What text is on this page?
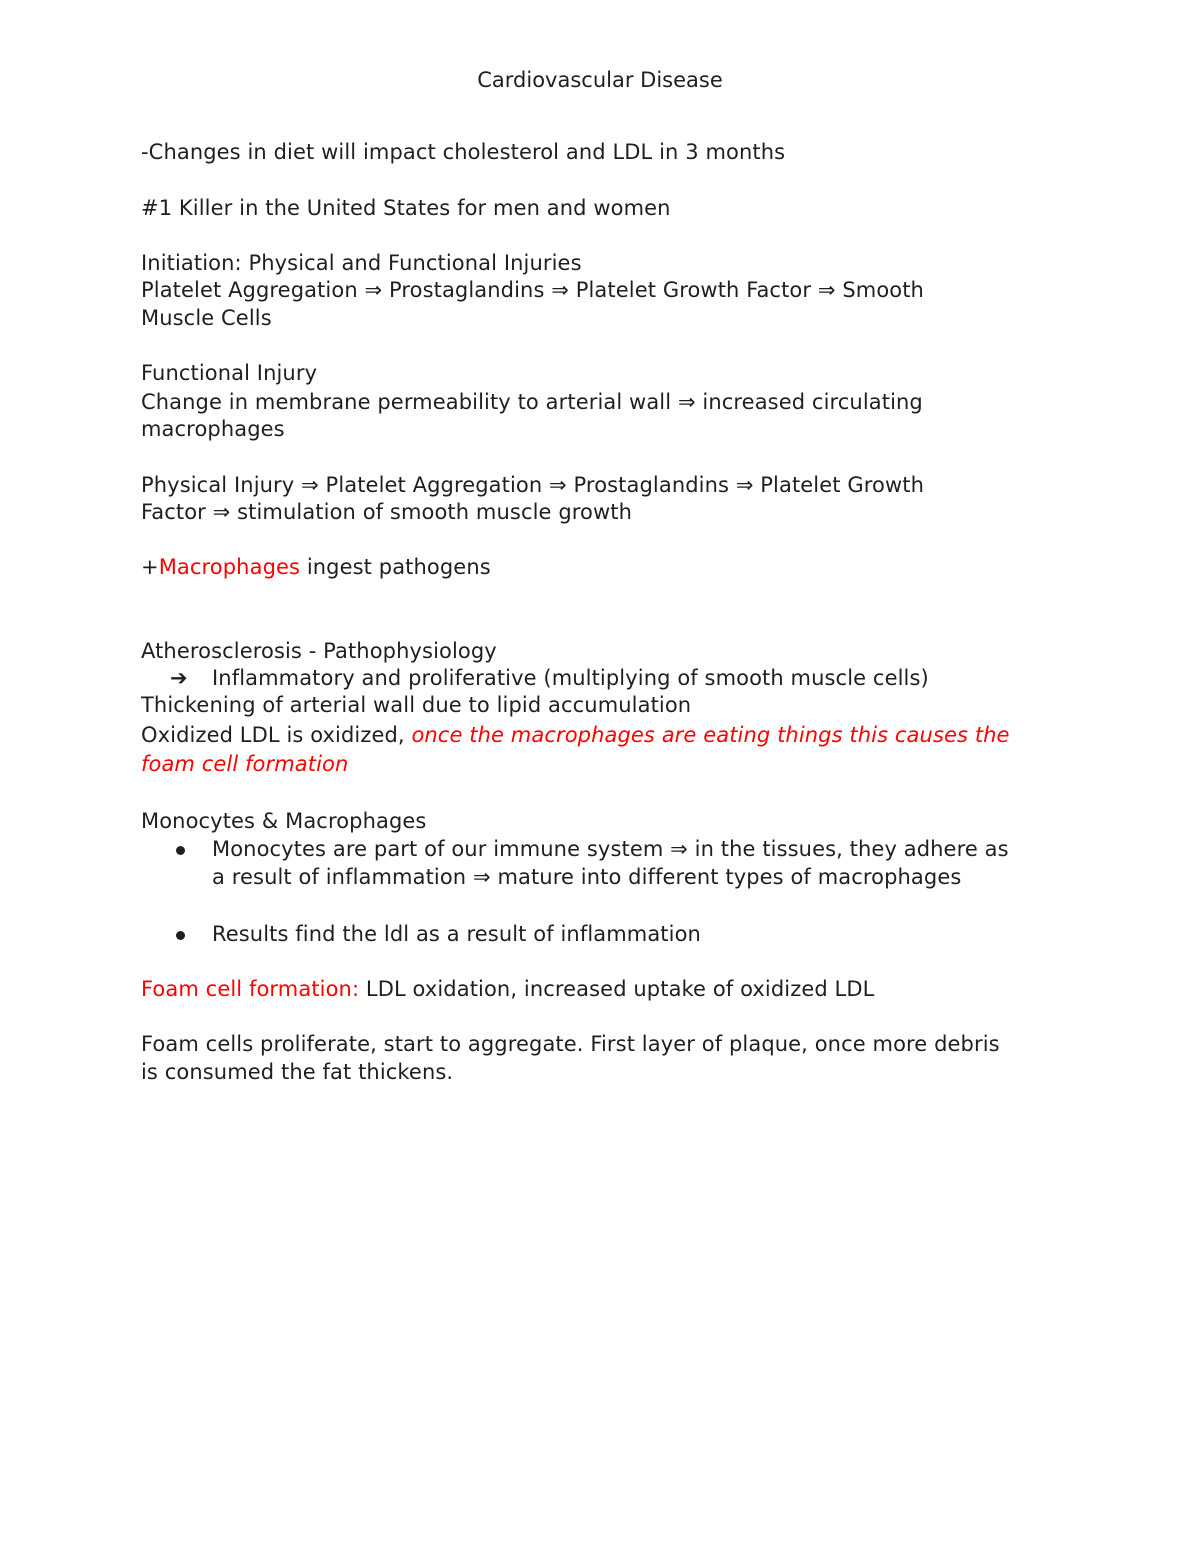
Cardiovascular Disease
-Changes in diet will impact cholesterol and LDL in 3 months
#1 Killer in the United States for men and women
Initiation: Physical and Functional Injuries
Platelet Aggregation ⇒ Prostaglandins ⇒ Platelet Growth Factor ⇒ Smooth
Muscle Cells
Functional Injury
Change in membrane permeability to arterial wall ⇒ increased circulating
macrophages
Physical Injury ⇒ Platelet Aggregation ⇒ Prostaglandins ⇒ Platelet Growth
Factor ⇒ stimulation of smooth muscle growth
+Macrophages ingest pathogens
Atherosclerosis - Pathophysiology
➔ Inflammatory and proliferative (multiplying of smooth muscle cells)
Thickening of arterial wall due to lipid accumulation
Oxidized LDL is oxidized, once the macrophages are eating things this causes the
foam cell formation
Monocytes & Macrophages
Monocytes are part of our immune system ⇒ in the tissues, they adhere as
a result of inflammation ⇒ mature into different types of macrophages
Results find the ldl as a result of inflammation
Foam cell formation: LDL oxidation, increased uptake of oxidized LDL
Foam cells proliferate, start to aggregate. First layer of plaque, once more debris
is consumed the fat thickens.
